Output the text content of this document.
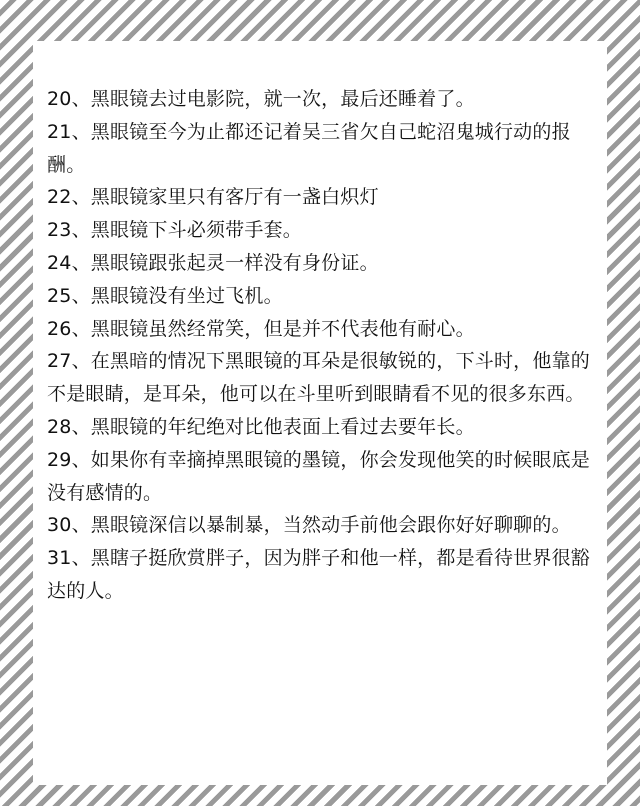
20、黑眼镜去过电影院，就一次，最后还睡着了。
21、黑眼镜至今为止都还记着吴三省欠自己蛇沼鬼城行动的报酬。
22、黑眼镜家里只有客厅有一盏白炽灯
23、黑眼镜下斗必须带手套。
24、黑眼镜跟张起灵一样没有身份证。
25、黑眼镜没有坐过飞机。
26、黑眼镜虽然经常笑，但是并不代表他有耐心。
27、在黑暗的情况下黑眼镜的耳朵是很敏锐的，下斗时，他靠的不是眼睛，是耳朵，他可以在斗里听到眼睛看不见的很多东西。
28、黑眼镜的年纪绝对比他表面上看过去要年长。
29、如果你有幸摘掉黑眼镜的墨镜，你会发现他笑的时候眼底是没有感情的。
30、黑眼镜深信以暴制暴，当然动手前他会跟你好好聊聊的。
31、黑瞎子挺欣赏胖子，因为胖子和他一样，都是看待世界很豁达的人。
